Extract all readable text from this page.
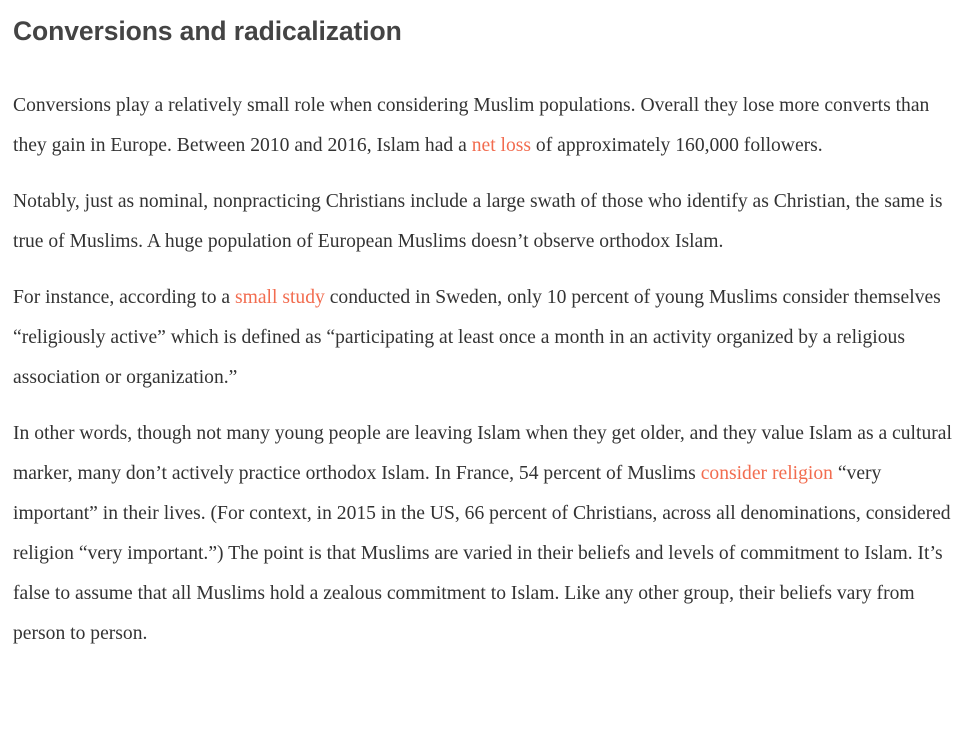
Conversions and radicalization

Conversions play a relatively small role when considering Muslim populations. Overall they lose more converts than they gain in Europe. Between 2010 and 2016, Islam had a net loss of approximately 160,000 followers.

Notably, just as nominal, nonpracticing Christians include a large swath of those who identify as Christian, the same is true of Muslims. A huge population of European Muslims doesn’t observe orthodox Islam.

For instance, according to a small study conducted in Sweden, only 10 percent of young Muslims consider themselves “religiously active” which is defined as “participating at least once a month in an activity organized by a religious association or organization.”

In other words, though not many young people are leaving Islam when they get older, and they value Islam as a cultural marker, many don’t actively practice orthodox Islam. In France, 54 percent of Muslims consider religion “very important” in their lives. (For context, in 2015 in the US, 66 percent of Christians, across all denominations, considered religion “very important.”) The point is that Muslims are varied in their beliefs and levels of commitment to Islam. It’s false to assume that all Muslims hold a zealous commitment to Islam. Like any other group, their beliefs vary from person to person.
